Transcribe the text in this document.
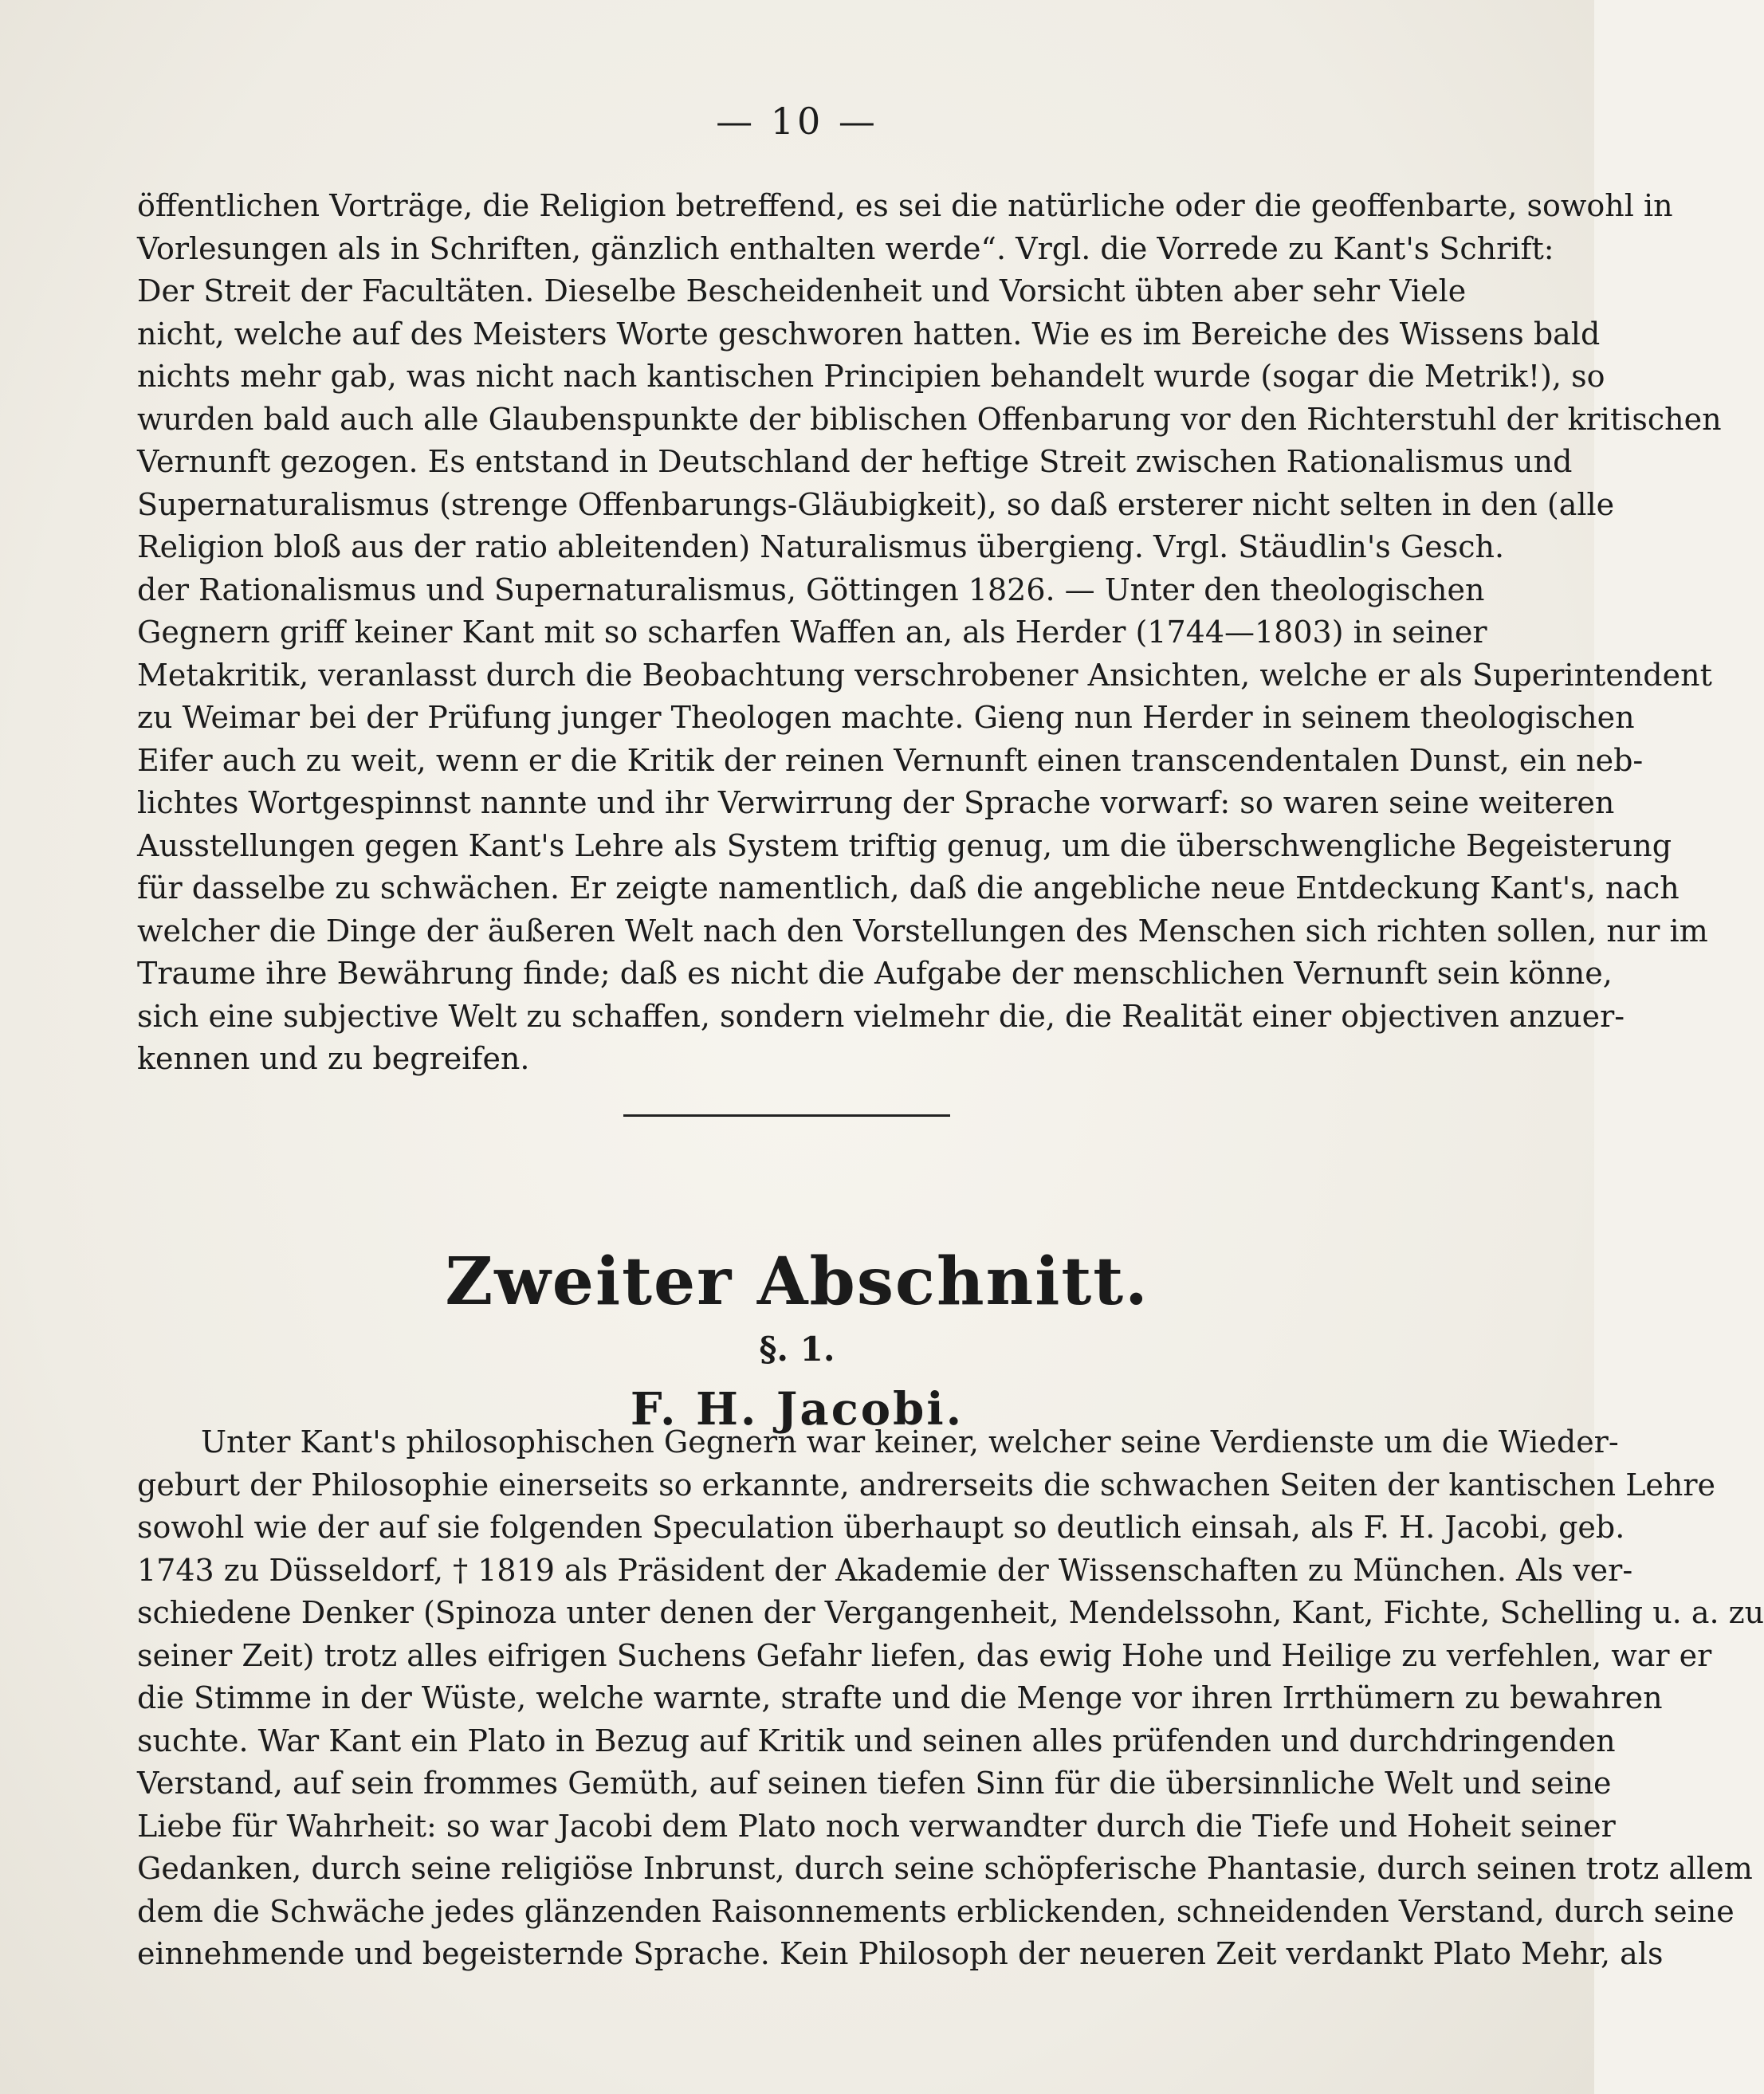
— 10 —
öffentlichen Vorträge, die Religion betreffend, es sei die natürliche oder die geoffenbarte, sowohl in
Vorlesungen als in Schriften, gänzlich enthalten werde“. Vrgl. die Vorrede zu Kant's Schrift:
Der Streit der Facultäten. Dieselbe Bescheidenheit und Vorsicht übten aber sehr Viele
nicht, welche auf des Meisters Worte geschworen hatten. Wie es im Bereiche des Wissens bald
nichts mehr gab, was nicht nach kantischen Principien behandelt wurde (sogar die Metrik!), so
wurden bald auch alle Glaubenspunkte der biblischen Offenbarung vor den Richterstuhl der kritischen
Vernunft gezogen. Es entstand in Deutschland der heftige Streit zwischen Rationalismus und
Supernaturalismus (strenge Offenbarungs-Gläubigkeit), so daß ersterer nicht selten in den (alle
Religion bloß aus der ratio ableitenden) Naturalismus übergieng. Vrgl. Stäudlin's Gesch.
der Rationalismus und Supernaturalismus, Göttingen 1826. — Unter den theologischen
Gegnern griff keiner Kant mit so scharfen Waffen an, als Herder (1744—1803) in seiner
Metakritik, veranlasst durch die Beobachtung verschrobener Ansichten, welche er als Superintendent
zu Weimar bei der Prüfung junger Theologen machte. Gieng nun Herder in seinem theologischen
Eifer auch zu weit, wenn er die Kritik der reinen Vernunft einen transcendentalen Dunst, ein neb-
lichtes Wortgespinnst nannte und ihr Verwirrung der Sprache vorwarf: so waren seine weiteren
Ausstellungen gegen Kant's Lehre als System triftig genug, um die überschwengliche Begeisterung
für dasselbe zu schwächen. Er zeigte namentlich, daß die angebliche neue Entdeckung Kant's, nach
welcher die Dinge der äußeren Welt nach den Vorstellungen des Menschen sich richten sollen, nur im
Traume ihre Bewährung finde; daß es nicht die Aufgabe der menschlichen Vernunft sein könne,
sich eine subjective Welt zu schaffen, sondern vielmehr die, die Realität einer objectiven anzuer-
kennen und zu begreifen.
Zweiter Abschnitt.
§. 1.
F. H. Jacobi.
Unter Kant's philosophischen Gegnern war keiner, welcher seine Verdienste um die Wieder-
geburt der Philosophie einerseits so erkannte, andrerseits die schwachen Seiten der kantischen Lehre
sowohl wie der auf sie folgenden Speculation überhaupt so deutlich einsah, als F. H. Jacobi, geb.
1743 zu Düsseldorf, † 1819 als Präsident der Akademie der Wissenschaften zu München. Als ver-
schiedene Denker (Spinoza unter denen der Vergangenheit, Mendelssohn, Kant, Fichte, Schelling u. a. zu
seiner Zeit) trotz alles eifrigen Suchens Gefahr liefen, das ewig Hohe und Heilige zu verfehlen, war er
die Stimme in der Wüste, welche warnte, strafte und die Menge vor ihren Irrthümern zu bewahren
suchte. War Kant ein Plato in Bezug auf Kritik und seinen alles prüfenden und durchdringenden
Verstand, auf sein frommes Gemüth, auf seinen tiefen Sinn für die übersinnliche Welt und seine
Liebe für Wahrheit: so war Jacobi dem Plato noch verwandter durch die Tiefe und Hoheit seiner
Gedanken, durch seine religiöse Inbrunst, durch seine schöpferische Phantasie, durch seinen trotz allem
dem die Schwäche jedes glänzenden Raisonnements erblickenden, schneidenden Verstand, durch seine
einnehmende und begeisternde Sprache. Kein Philosoph der neueren Zeit verdankt Plato Mehr, als
